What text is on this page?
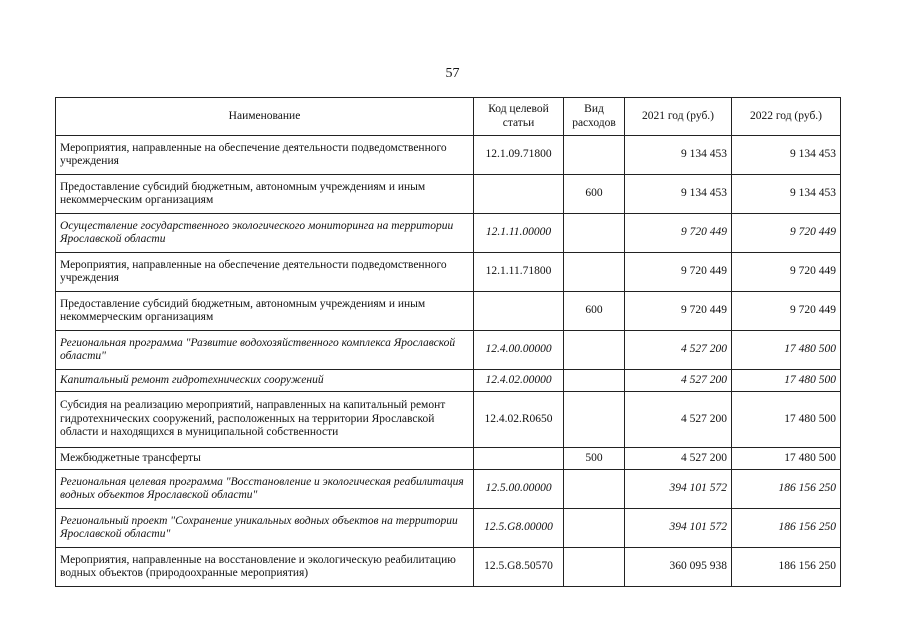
57
Наименование	Код целевой статьи	Вид расходов	2021 год (руб.)	2022 год (руб.)
Мероприятия, направленные на обеспечение деятельности подведомственного учреждения	12.1.09.71800		9 134 453	9 134 453
Предоставление субсидий бюджетным, автономным учреждениям и иным некоммерческим организациям		600	9 134 453	9 134 453
Осуществление государственного экологического мониторинга на территории Ярославской области	12.1.11.00000		9 720 449	9 720 449
Мероприятия, направленные на обеспечение деятельности подведомственного учреждения	12.1.11.71800		9 720 449	9 720 449
Предоставление субсидий бюджетным, автономным учреждениям и иным некоммерческим организациям		600	9 720 449	9 720 449
Региональная программа "Развитие водохозяйственного комплекса Ярославской области"	12.4.00.00000		4 527 200	17 480 500
Капитальный ремонт гидротехнических сооружений	12.4.02.00000		4 527 200	17 480 500
Субсидия на реализацию мероприятий, направленных на капитальный ремонт гидротехнических сооружений, расположенных на территории Ярославской области и находящихся в муниципальной собственности	12.4.02.R0650		4 527 200	17 480 500
Межбюджетные трансферты		500	4 527 200	17 480 500
Региональная целевая программа "Восстановление и экологическая реабилитация водных объектов Ярославской области"	12.5.00.00000		394 101 572	186 156 250
Региональный проект "Сохранение уникальных водных объектов на территории Ярославской области"	12.5.G8.00000		394 101 572	186 156 250
Мероприятия, направленные на восстановление и экологическую реабилитацию водных объектов (природоохранные мероприятия)	12.5.G8.50570		360 095 938	186 156 250
